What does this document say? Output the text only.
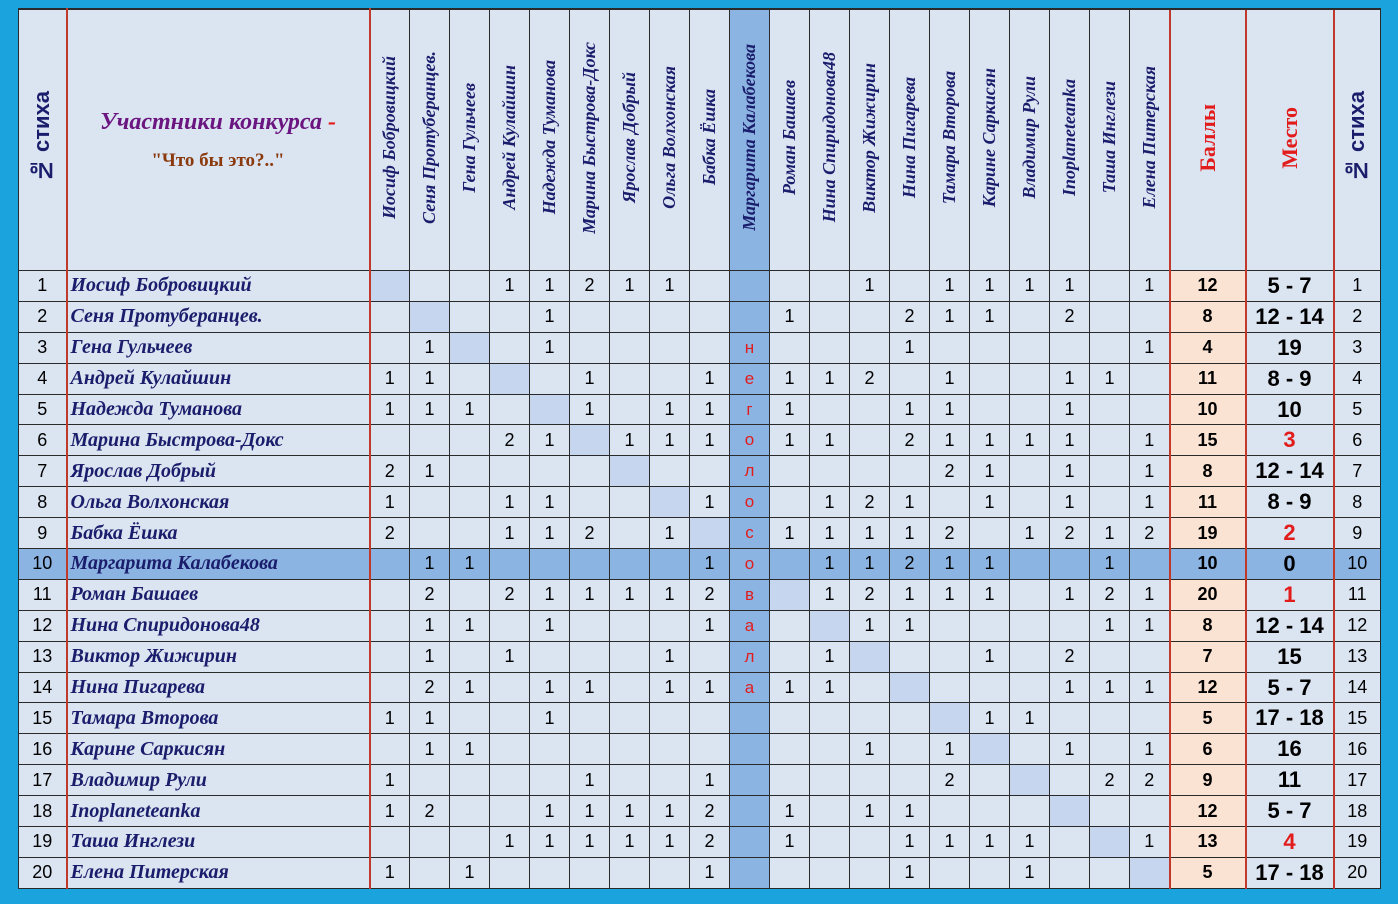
№ стиха	Участники конкурса -
"Что бы это?.."	Иосиф Бобровицкий	Сеня Протуберанцев.	Гена Гульчеев	Андрей Кулайшин	Надежда Туманова	Марина Быстрова-Докс	Ярослав Добрый	Ольга Волхонская	Бабка Ёшка	Маргарита Калабекова	Роман Башаев	Нина Спиридонова48	Виктор Жижирин	Нина Пигарева	Тамара Второва	Карине Саркисян	Владимир Рули	Inoplaneteanka	Таша Инглези	Елена Питерская	Баллы	Место	№ стиха
1	Иосиф Бобровицкий				1	1	2	1	1					1		1	1	1	1		1	12	5 - 7	1
2	Сеня Протуберанцев.					1						1			2	1	1		2			8	12 - 14	2
3	Гена Гульчеев		1			1					н				1						1	4	19	3
4	Андрей Кулайшин	1	1				1			1	е	1	1	2		1			1	1		11	8 - 9	4
5	Надежда Туманова	1	1	1			1		1	1	г	1			1	1			1			10	10	5
6	Марина Быстрова-Докс				2	1		1	1	1	о	1	1		2	1	1	1	1		1	15	3	6
7	Ярослав Добрый	2	1								л					2	1		1		1	8	12 - 14	7
8	Ольга Волхонская	1			1	1				1	о		1	2	1		1		1		1	11	8 - 9	8
9	Бабка Ёшка	2			1	1	2		1		с	1	1	1	1	2		1	2	1	2	19	2	9
10	Маргарита Калабекова		1	1						1	о		1	1	2	1	1			1		10	0	10
11	Роман Башаев		2		2	1	1	1	1	2	в		1	2	1	1	1		1	2	1	20	1	11
12	Нина Спиридонова48		1	1		1				1	а			1	1					1	1	8	12 - 14	12
13	Виктор Жижирин		1		1				1		л		1				1		2			7	15	13
14	Нина Пигарева		2	1		1	1		1	1	а	1	1						1	1	1	12	5 - 7	14
15	Тамара Второва	1	1			1											1	1				5	17 - 18	15
16	Карине Саркисян		1	1										1		1			1		1	6	16	16
17	Владимир Рули	1					1			1						2				2	2	9	11	17
18	Inoplaneteanka	1	2			1	1	1	1	2		1		1	1							12	5 - 7	18
19	Таша Инглези				1	1	1	1	1	2		1			1	1	1	1			1	13	4	19
20	Елена Питерская	1		1						1					1			1				5	17 - 18	20
